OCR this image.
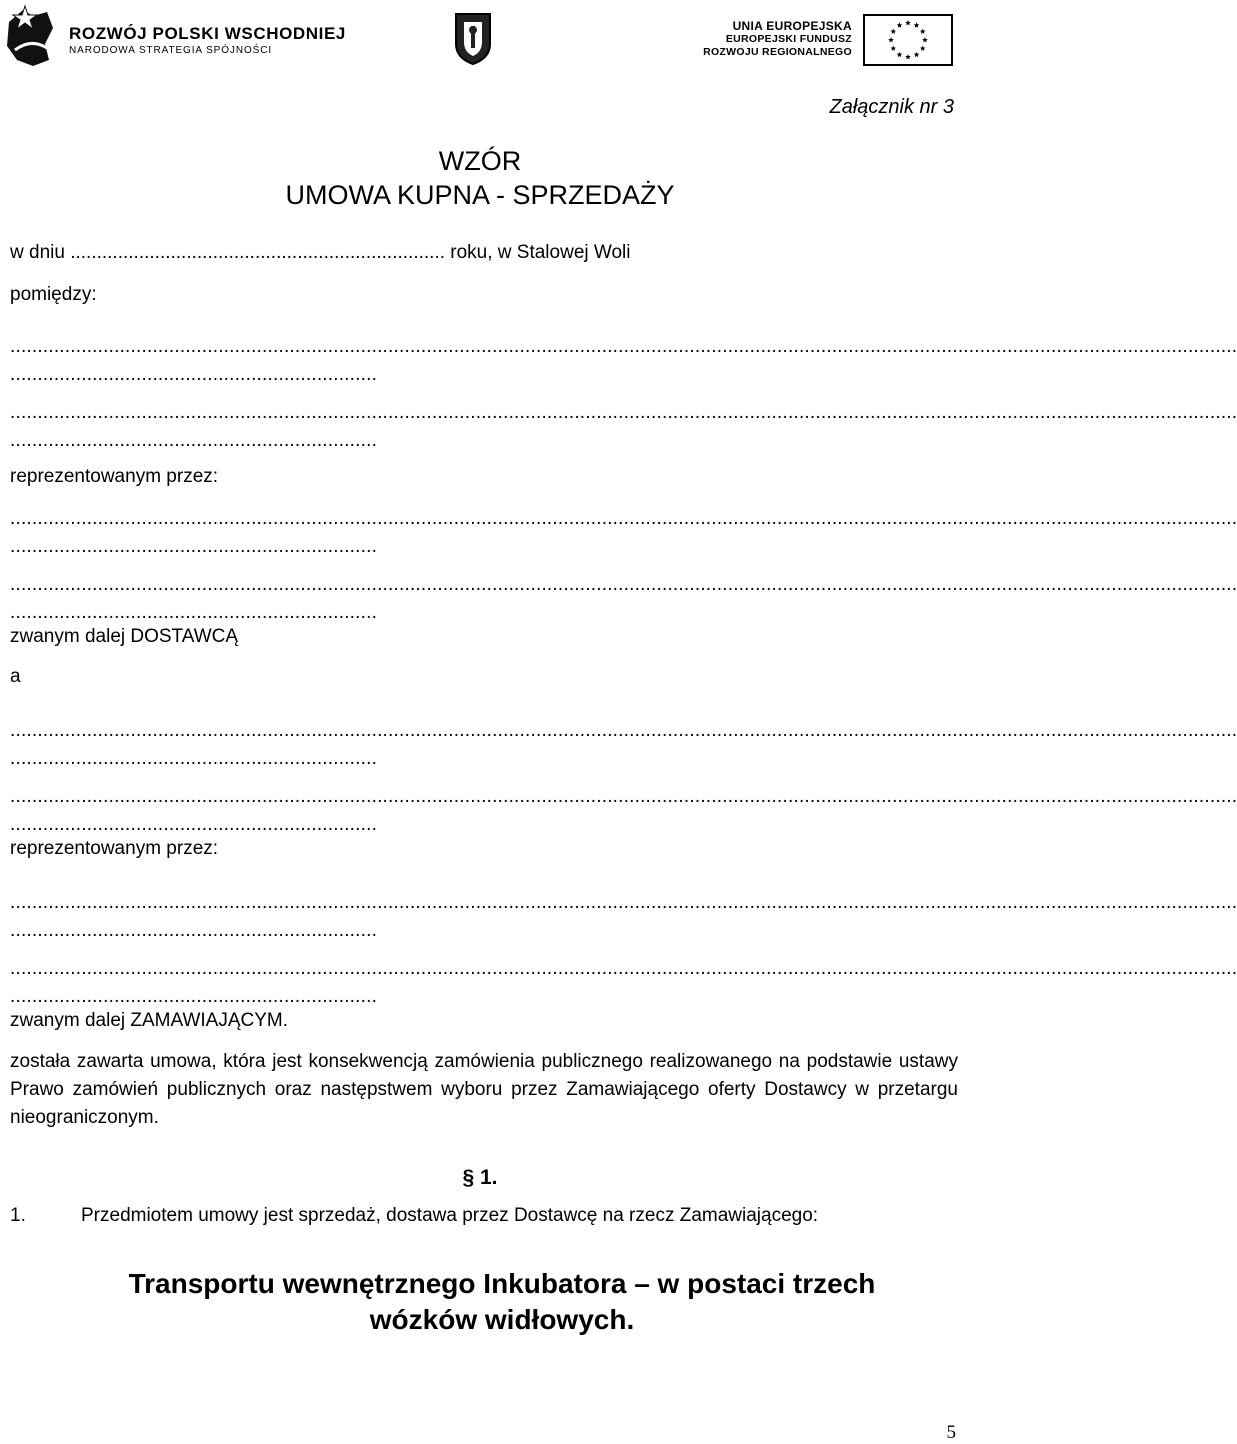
ROZWÓJ POLSKI WSCHODNIEJ
NARODOWA STRATEGIA SPÓJNOŚCI
UNIA EUROPEJSKA
EUROPEJSKI FUNDUSZ
ROZWOJU REGIONALNEGO
Załącznik nr 3
WZÓR
UMOWA KUPNA - SPRZEDAŻY
w dniu ....................................................................... roku, w Stalowej Woli
pomiędzy:
................................................................................................................................................................................................................................
...................................................................
................................................................................................................................................................................................................................
...................................................................
reprezentowanym przez:
................................................................................................................................................................................................................................
...................................................................
................................................................................................................................................................................................................................
...................................................................
zwanym dalej DOSTAWCĄ
a
................................................................................................................................................................................................................................
...................................................................
................................................................................................................................................................................................................................
...................................................................
reprezentowanym przez:
................................................................................................................................................................................................................................
...................................................................
................................................................................................................................................................................................................................
...................................................................
zwanym dalej ZAMAWIAJĄCYM.
została zawarta umowa, która jest konsekwencją zamówienia publicznego realizowanego na podstawie ustawy Prawo zamówień publicznych oraz następstwem wyboru przez Zamawiającego oferty Dostawcy w przetargu nieograniczonym.
§ 1.
1.	Przedmiotem umowy jest sprzedaż, dostawa przez Dostawcę na rzecz Zamawiającego:
Transportu wewnętrznego Inkubatora – w postaci trzech
wózków widłowych.
5
